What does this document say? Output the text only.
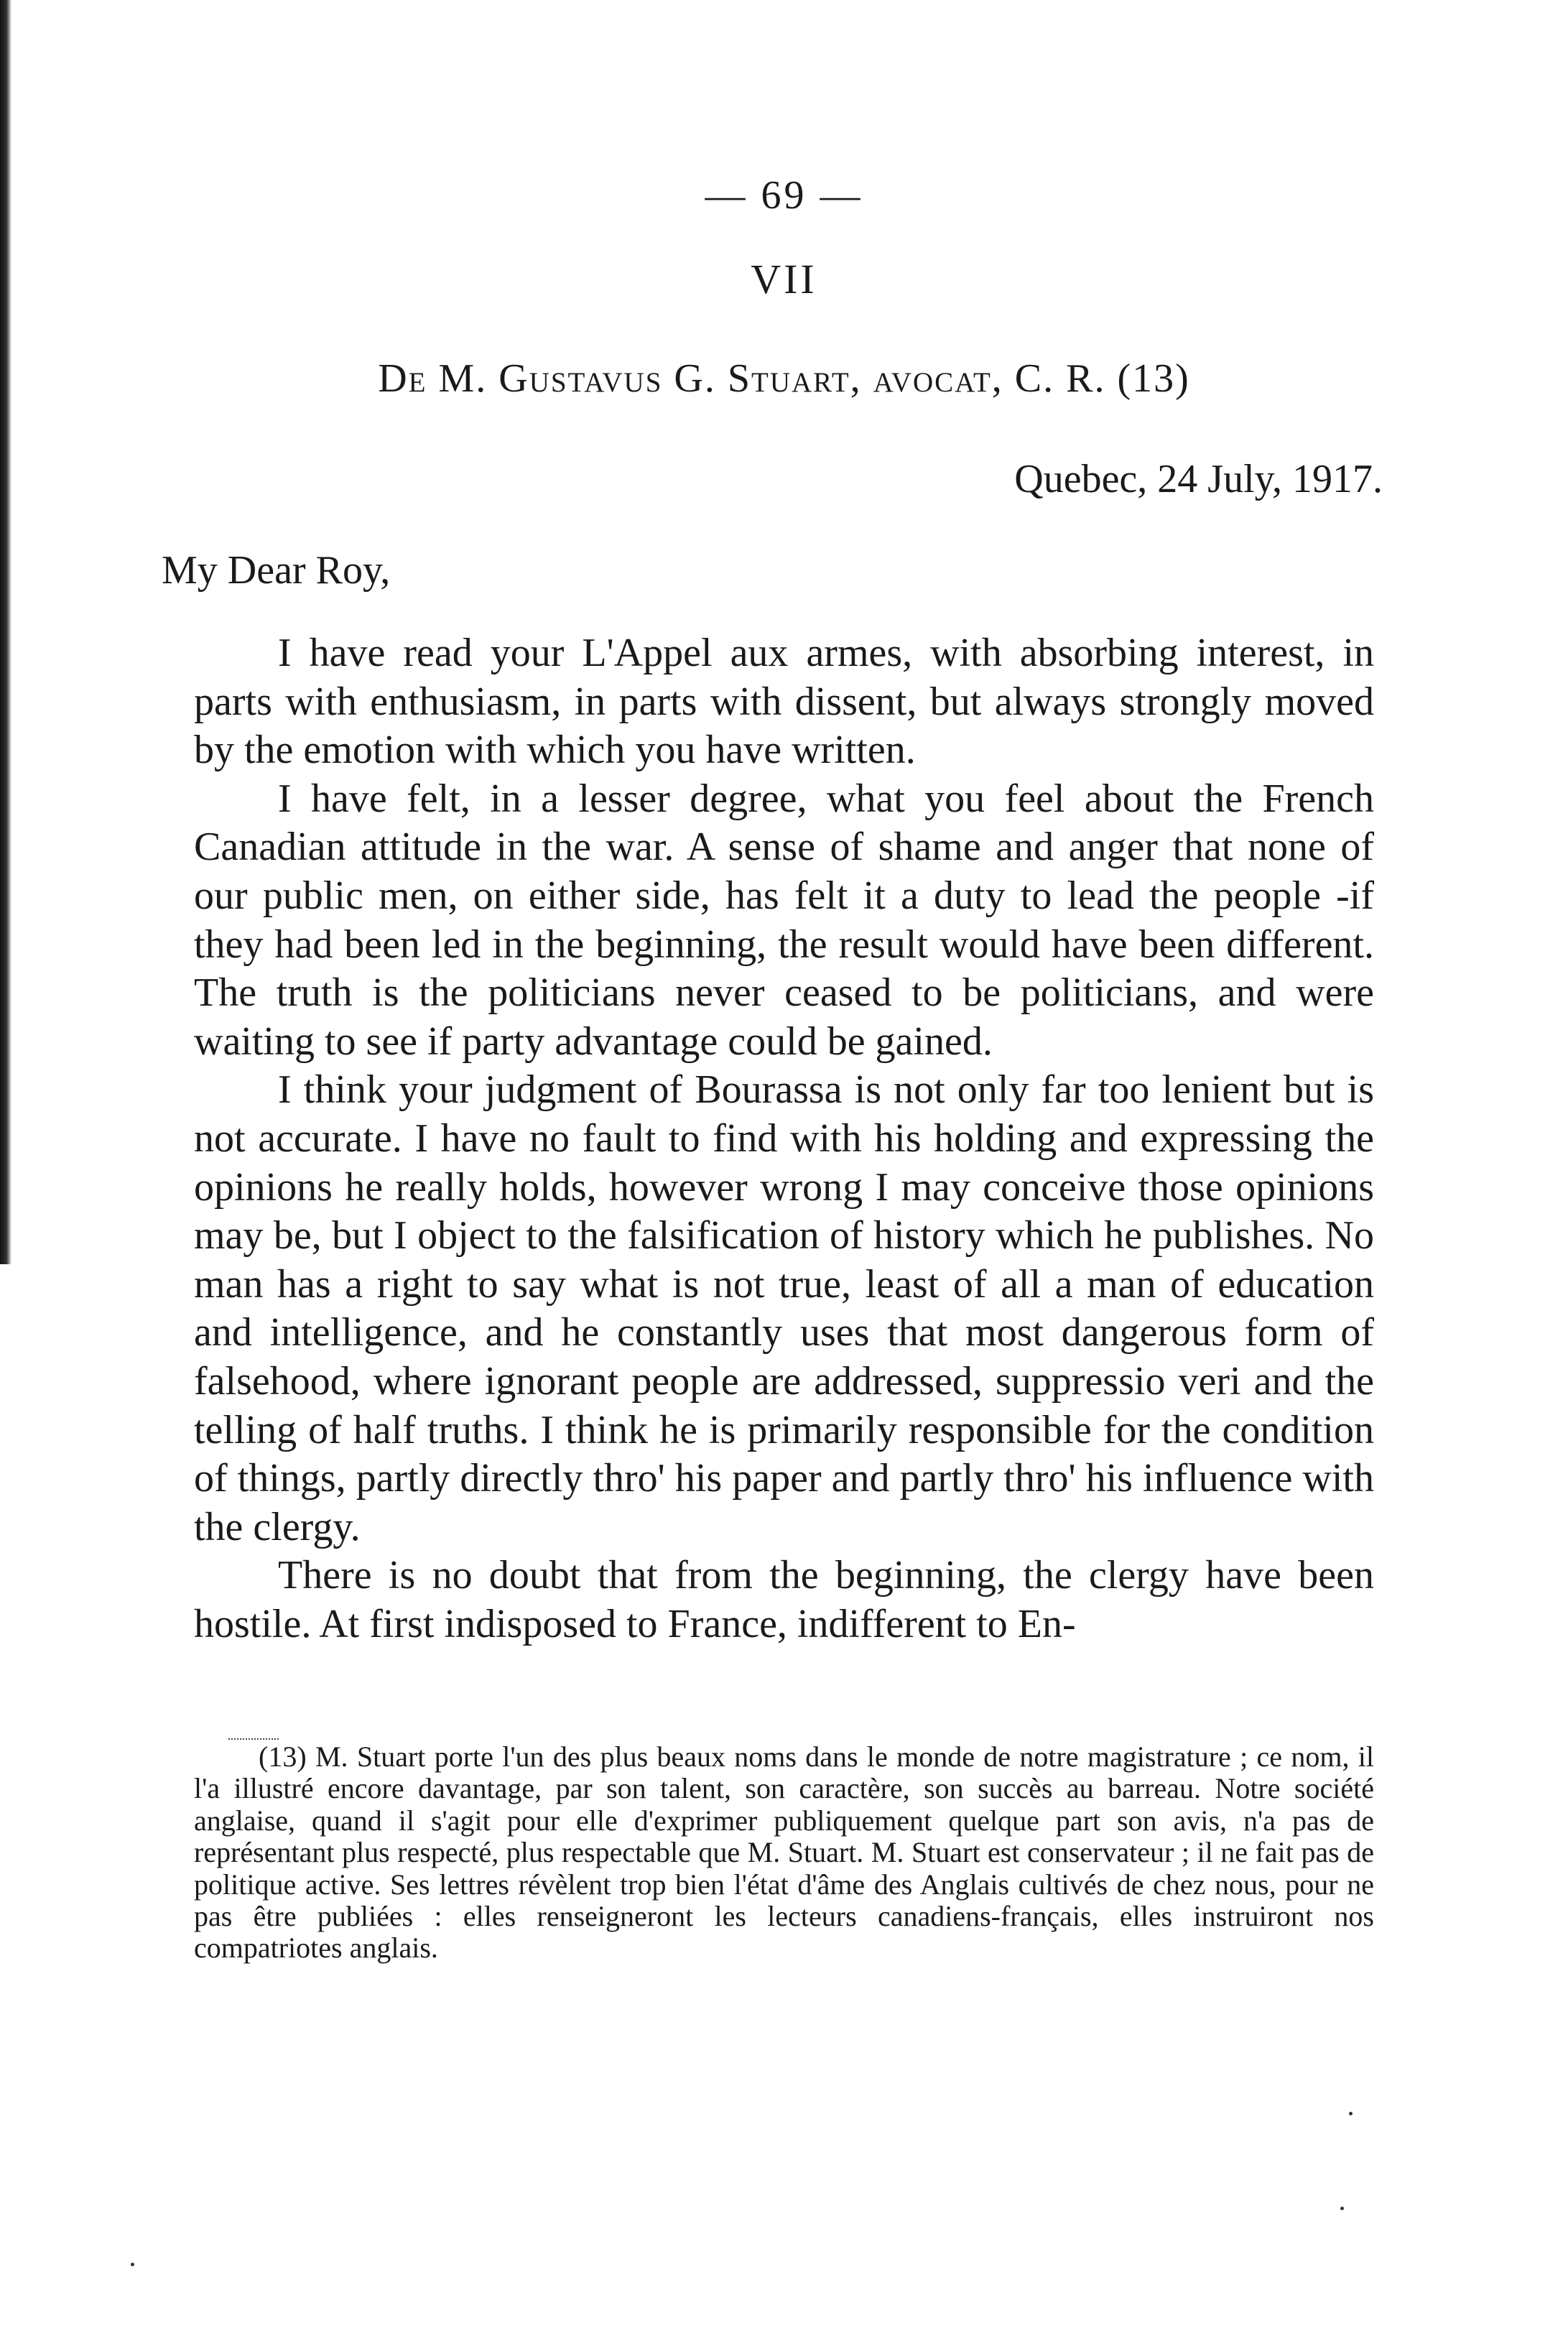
— 69 —
VII
De M. Gustavus G. Stuart, avocat, C. R. (13)
Quebec, 24 July, 1917.
My Dear Roy,

I have read your L'Appel aux armes, with absorbing interest, in parts with enthusiasm, in parts with dissent, but always strongly moved by the emotion with which you have written.

I have felt, in a lesser degree, what you feel about the French Canadian attitude in the war. A sense of shame and anger that none of our public men, on either side, has felt it a duty to lead the people -if they had been led in the beginning, the result would have been different. The truth is the politicians never ceased to be politicians, and were waiting to see if party advantage could be gained.

I think your judgment of Bourassa is not only far too lenient but is not accurate. I have no fault to find with his holding and expressing the opinions he really holds, however wrong I may conceive those opinions may be, but I object to the falsification of history which he publishes. No man has a right to say what is not true, least of all a man of education and intelligence, and he constantly uses that most dangerous form of falsehood, where ignorant people are addressed, suppressio veri and the telling of half truths. I think he is primarily responsible for the condition of things, partly directly thro' his paper and partly thro' his influence with the clergy.

There is no doubt that from the beginning, the clergy have been hostile. At first indisposed to France, indifferent to En-

(13) M. Stuart porte l'un des plus beaux noms dans le monde de notre magistrature ; ce nom, il l'a illustré encore davantage, par son talent, son caractère, son succès au barreau. Notre société anglaise, quand il s'agit pour elle d'exprimer publiquement quelque part son avis, n'a pas de représentant plus respecté, plus respectable que M. Stuart. M. Stuart est conservateur ; il ne fait pas de politique active. Ses lettres révèlent trop bien l'état d'âme des Anglais cultivés de chez nous, pour ne pas être publiées : elles renseigneront les lecteurs canadiens-français, elles instruiront nos compatriotes anglais.
